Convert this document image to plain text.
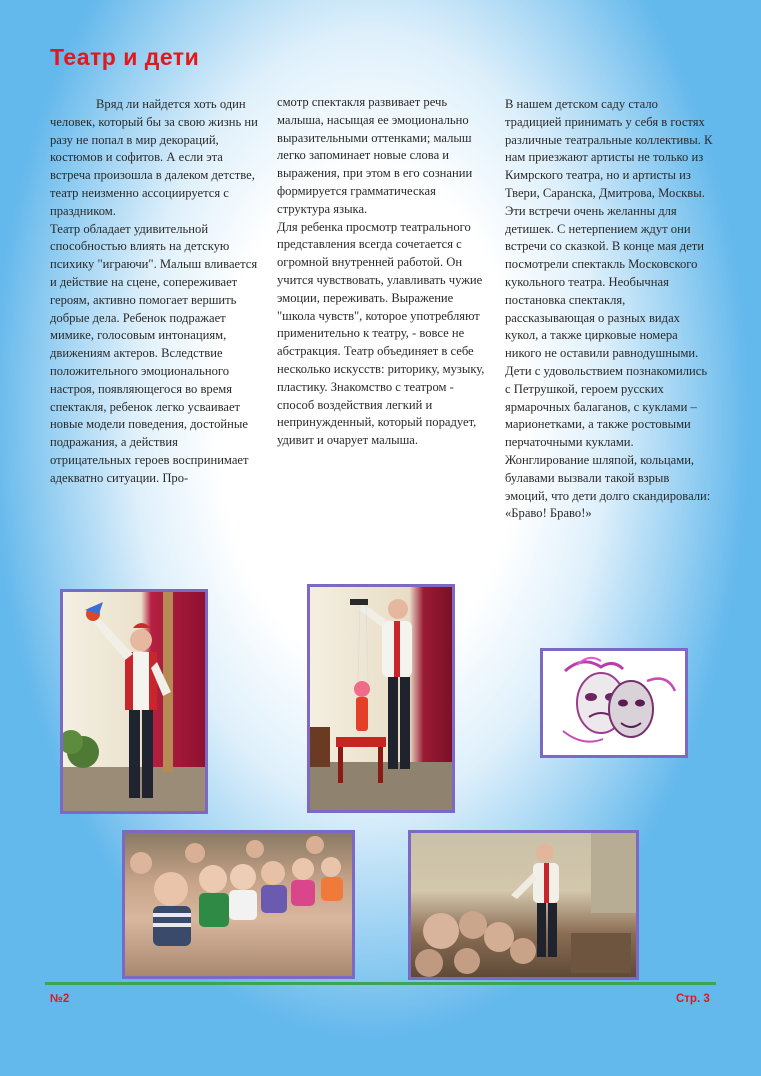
Театр и дети

Вряд ли найдется хоть один человек, который бы за свою жизнь ни разу не попал в мир декораций, костюмов и софитов. А если эта встреча произошла в далеком детстве, театр неизменно ассоциируется с праздником.

Театр обладает удивительной способностью влиять на детскую психику "играючи". Малыш вливается и действие на сцене, сопереживает героям, активно помогает вершить добрые дела. Ребенок подражает мимике, голосовым интонациям, движениям актеров. Вследствие положительного эмоционального настроя, появляющегося во время спектакля, ребенок легко усваивает новые модели поведения, достойные подражания, а действия отрицательных героев воспринимает адекватно ситуации. Про-

смотр спектакля развивает речь малыша, насыщая ее эмоционально выразительными оттенками; малыш легко запоминает новые слова и выражения, при этом в его сознании формируется грамматическая структура языка.

Для ребенка просмотр театрального представления всегда сочетается с огромной внутренней работой. Он учится чувствовать, улавливать чужие эмоции, переживать. Выражение "школа чувств", которое употребляют применительно к театру, - вовсе не абстракция. Театр объединяет в себе несколько искусств: риторику, музыку, пластику. Знакомство с театром - способ воздействия легкий и непринужденный, который порадует, удивит и очарует малыша.

В нашем детском саду стало традицией принимать у себя в гостях различные театральные коллективы. К нам приезжают артисты не только из Кимрского театра, но и артисты из Твери, Саранска, Дмитрова, Москвы. Эти встречи очень желанны для детишек. С нетерпением ждут они встречи со сказкой. В конце мая дети посмотрели спектакль Московского кукольного театра. Необычная постановка спектакля, рассказывающая о разных видах кукол, а также цирковые номера никого не оставили равнодушными. Дети с удовольствием познакомились с Петрушкой, героем русских ярмарочных балаганов, с куклами – марионетками, а также ростовыми перчаточными куклами. Жонглирование шляпой, кольцами, булавами вызвали такой взрыв эмоций, что дети долго скандировали: «Браво! Браво!»

№2	Стр. 3
